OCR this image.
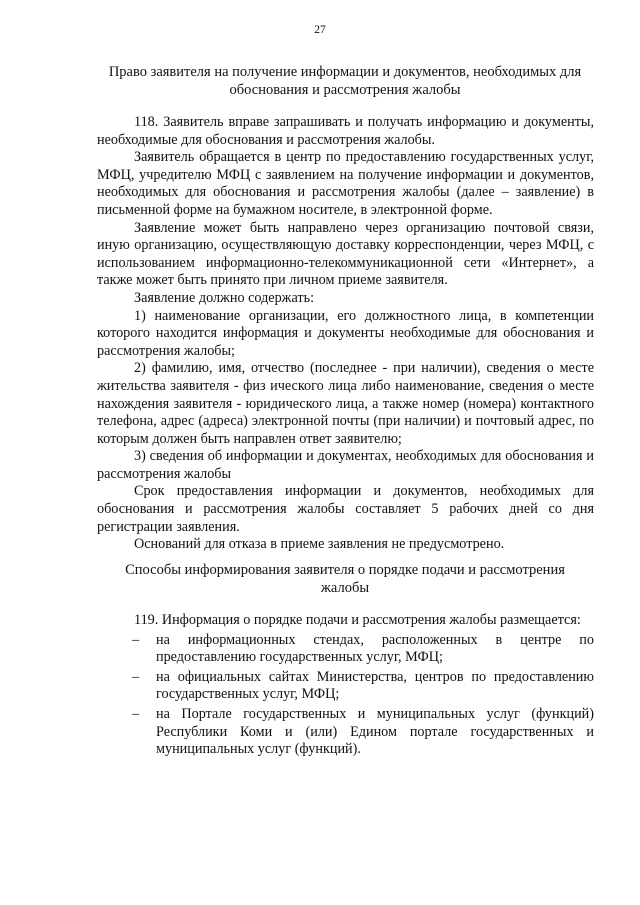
27
Право заявителя на получение информации и документов, необходимых для обоснования и рассмотрения жалобы

118. Заявитель вправе запрашивать и получать информацию и документы, необходимые для обоснования и рассмотрения жалобы.

Заявитель обращается в центр по предоставлению государственных услуг, МФЦ, учредителю МФЦ с заявлением на получение информации и документов, необходимых для обоснования и рассмотрения жалобы (далее – заявление) в письменной форме на бумажном носителе, в электронной форме.

Заявление может быть направлено через организацию почтовой связи, иную организацию, осуществляющую доставку корреспонденции, через МФЦ, с использованием информационно-телекоммуникационной сети «Интернет», а также может быть принято при личном приеме заявителя.

Заявление должно содержать:

1) наименование организации, его должностного лица, в компетенции которого находится информация и документы необходимые для обоснования и рассмотрения жалобы;

2) фамилию, имя, отчество (последнее - при наличии), сведения о месте жительства заявителя - физ ического лица либо наименование, сведения о месте нахождения заявителя - юридического лица, а также номер (номера) контактного телефона, адрес (адреса) электронной почты (при наличии) и почтовый адрес, по которым должен быть направлен ответ заявителю;

3) сведения об информации и документах, необходимых для обоснования и рассмотрения жалобы

Срок предоставления информации и документов, необходимых для обоснования и рассмотрения жалобы составляет 5 рабочих дней со дня регистрации заявления.

Оснований для отказа в приеме заявления не предусмотрено.

Способы информирования заявителя о порядке подачи и рассмотрения жалобы

119. Информация о порядке подачи и рассмотрения жалобы размещается:

– на информационных стендах, расположенных в центре по предоставлению государственных услуг, МФЦ;
– на официальных сайтах Министерства, центров по предоставлению государственных услуг, МФЦ;
– на Портале государственных и муниципальных услуг (функций) Республики Коми и (или) Едином портале государственных и муниципальных услуг (функций).
